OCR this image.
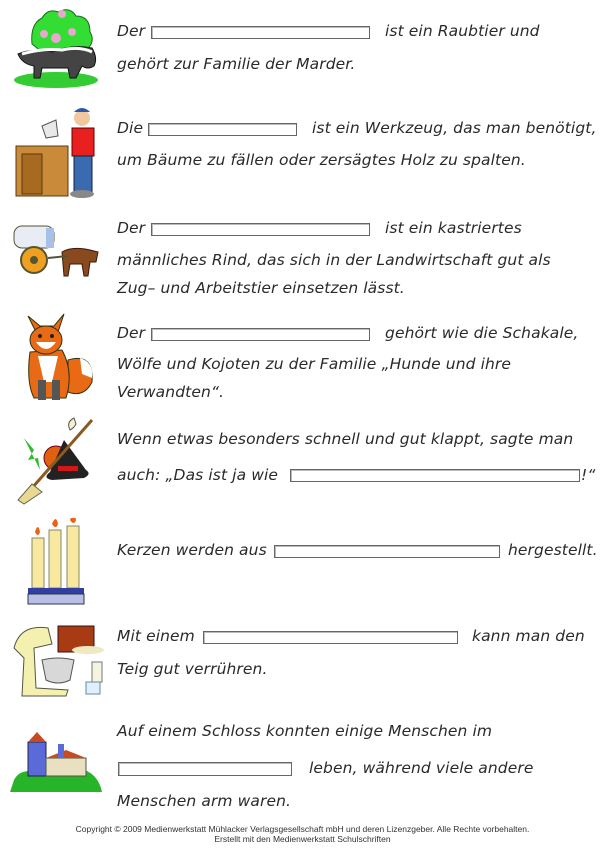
Der	ist ein Raubtier und
gehört zur Familie der Marder.
Die	ist ein Werkzeug, das man benötigt,
um Bäume zu fällen oder zersägtes Holz zu spalten.
Der	ist ein kastriertes
männliches Rind, das sich in der Landwirtschaft gut als
Zug– und Arbeitstier einsetzen lässt.
Der	gehört wie die Schakale,
Wölfe und Kojoten zu der Familie „Hunde und ihre
Verwandten“.
Wenn etwas besonders schnell und gut klappt, sagte man
auch: „Das ist ja wie	!“
Kerzen werden aus	hergestellt.
Mit einem	kann man den
Teig gut verrühren.
Auf einem Schloss konnten einige Menschen im
leben, während viele andere
Menschen arm waren.
Copyright © 2009 Medienwerkstatt Mühlacker Verlagsgesellschaft mbH und deren Lizenzgeber. Alle Rechte vorbehalten.
Erstellt mit den Medienwerkstatt Schulschriften
